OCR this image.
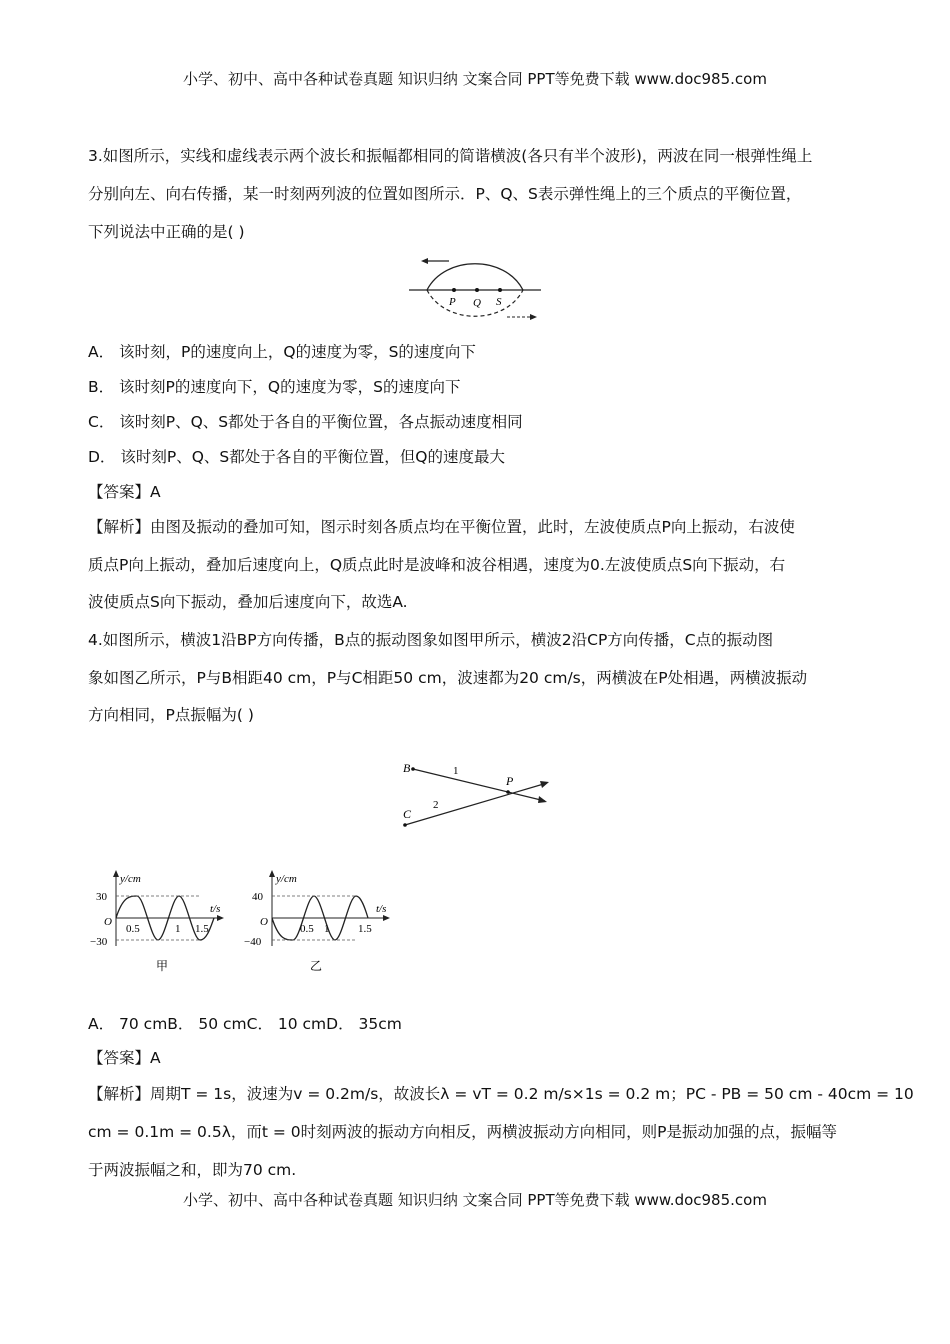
小学、初中、高中各种试卷真题 知识归纳 文案合同 PPT等免费下载 www.doc985.com
3.如图所示，实线和虚线表示两个波长和振幅都相同的简谐横波(各只有半个波形)，两波在同一根弹性绳上
分别向左、向右传播，某一时刻两列波的位置如图所示．P、Q、S表示弹性绳上的三个质点的平衡位置，
下列说法中正确的是( )
P Q S
A． 该时刻，P的速度向上，Q的速度为零，S的速度向下
B． 该时刻P的速度向下，Q的速度为零，S的速度向下
C． 该时刻P、Q、S都处于各自的平衡位置，各点振动速度相同
D． 该时刻P、Q、S都处于各自的平衡位置，但Q的速度最大
【答案】A
【解析】由图及振动的叠加可知，图示时刻各质点均在平衡位置，此时，左波使质点P向上振动，右波使
质点P向上振动，叠加后速度向上，Q质点此时是波峰和波谷相遇，速度为0.左波使质点S向下振动，右
波使质点S向下振动，叠加后速度向下，故选A.
4.如图所示，横波1沿BP方向传播，B点的振动图象如图甲所示，横波2沿CP方向传播，C点的振动图
象如图乙所示，P与B相距40 cm，P与C相距50 cm，波速都为20 cm/s，两横波在P处相遇，两横波振动
方向相同，P点振幅为( )
B
C
P
1
2
y/cm
t/s
O
30
−30
0.5	1 1.5
甲
y/cm
t/s
O
40
−40
0.5 1	1.5
乙
A． 70 cmB． 50 cmC． 10 cmD． 35cm
【答案】A
【解析】周期T = 1s，波速为v = 0.2m/s，故波长λ = vT = 0.2 m/s×1s = 0.2 m；PC - PB = 50 cm - 40cm = 10
cm = 0.1m = 0.5λ，而t = 0时刻两波的振动方向相反，两横波振动方向相同，则P是振动加强的点，振幅等
于两波振幅之和，即为70 cm.
小学、初中、高中各种试卷真题 知识归纳 文案合同 PPT等免费下载 www.doc985.com
